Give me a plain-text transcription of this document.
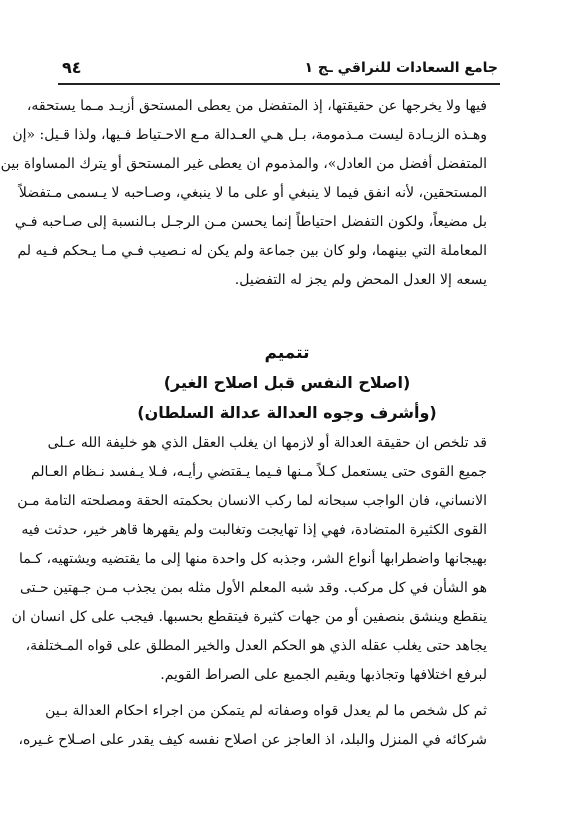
جامع السعادات للنراقي ـج ١
٩٤
فيها ولا يخرجها عن حقيقتها، إذ المتفضل من يعطى المستحق أزيـد مـما يستحقه،
وهـذه الزيـادة ليست مـذمومة، بـل هـي العـدالة مـع الاحـتياط فـيها، ولذا قـيل: «إن
المتفضل أفضل من العادل»، والمذموم ان يعطى غير المستحق أو يترك المساواة بين
المستحقين، لأنه انفق فيما لا ينبغي أو على ما لا ينبغي، وصـاحبه لا يـسمى مـتفضلاً
بل مضيعاً، ولكون التفضل احتياطاً إنما يحسن مـن الرجـل بـالنسبة إلى صـاحبه فـي
المعاملة التي بينهما، ولو كان بين جماعة ولم يكن له نـصيب فـي مـا يـحكم فـيه لم
يسعه إلا العدل المحض ولم يجز له التفضيل.
تتميم
(اصلاح النفس قبل اصلاح الغير)
(وأشرف وجوه العدالة عدالة السلطان)
قد تلخص ان حقيقة العدالة أو لازمها ان يغلب العقل الذي هو خليفة الله عـلى
جميع القوى حتى يستعمل كـلاً مـنها فـيما يـقتضي رأيـه، فـلا يـفسد نـظام العـالم
الانساني، فان الواجب سبحانه لما ركب الانسان بحكمته الحقة ومصلحته التامة مـن
القوى الكثيرة المتضادة، فهي إذا تهايجت وتغالبت ولم يقهرها قاهر خير، حدثت فيه
بهيجانها واضطرابها أنواع الشر، وجذبه كل واحدة منها إلى ما يقتضيه ويشتهيه، كـما
هو الشأن في كل مركب. وقد شبه المعلم الأول مثله بمن يجذب مـن جـهتين حـتى
ينقطع وينشق بنصفين أو من جهات كثيرة فيتقطع بحسبها. فيجب على كل انسان ان
يجاهد حتى يغلب عقله الذي هو الحكم العدل والخير المطلق على قواه المـختلفة،
لبرفع اختلافها وتجاذبها ويقيم الجميع على الصراط القويم.
ثم كل شخص ما لم يعدل قواه وصفاته لم يتمكن من اجراء احكام العدالة بـين
شركائه في المنزل والبلد، اذ العاجز عن اصلاح نفسه كيف يقدر على اصـلاح غـيره،
